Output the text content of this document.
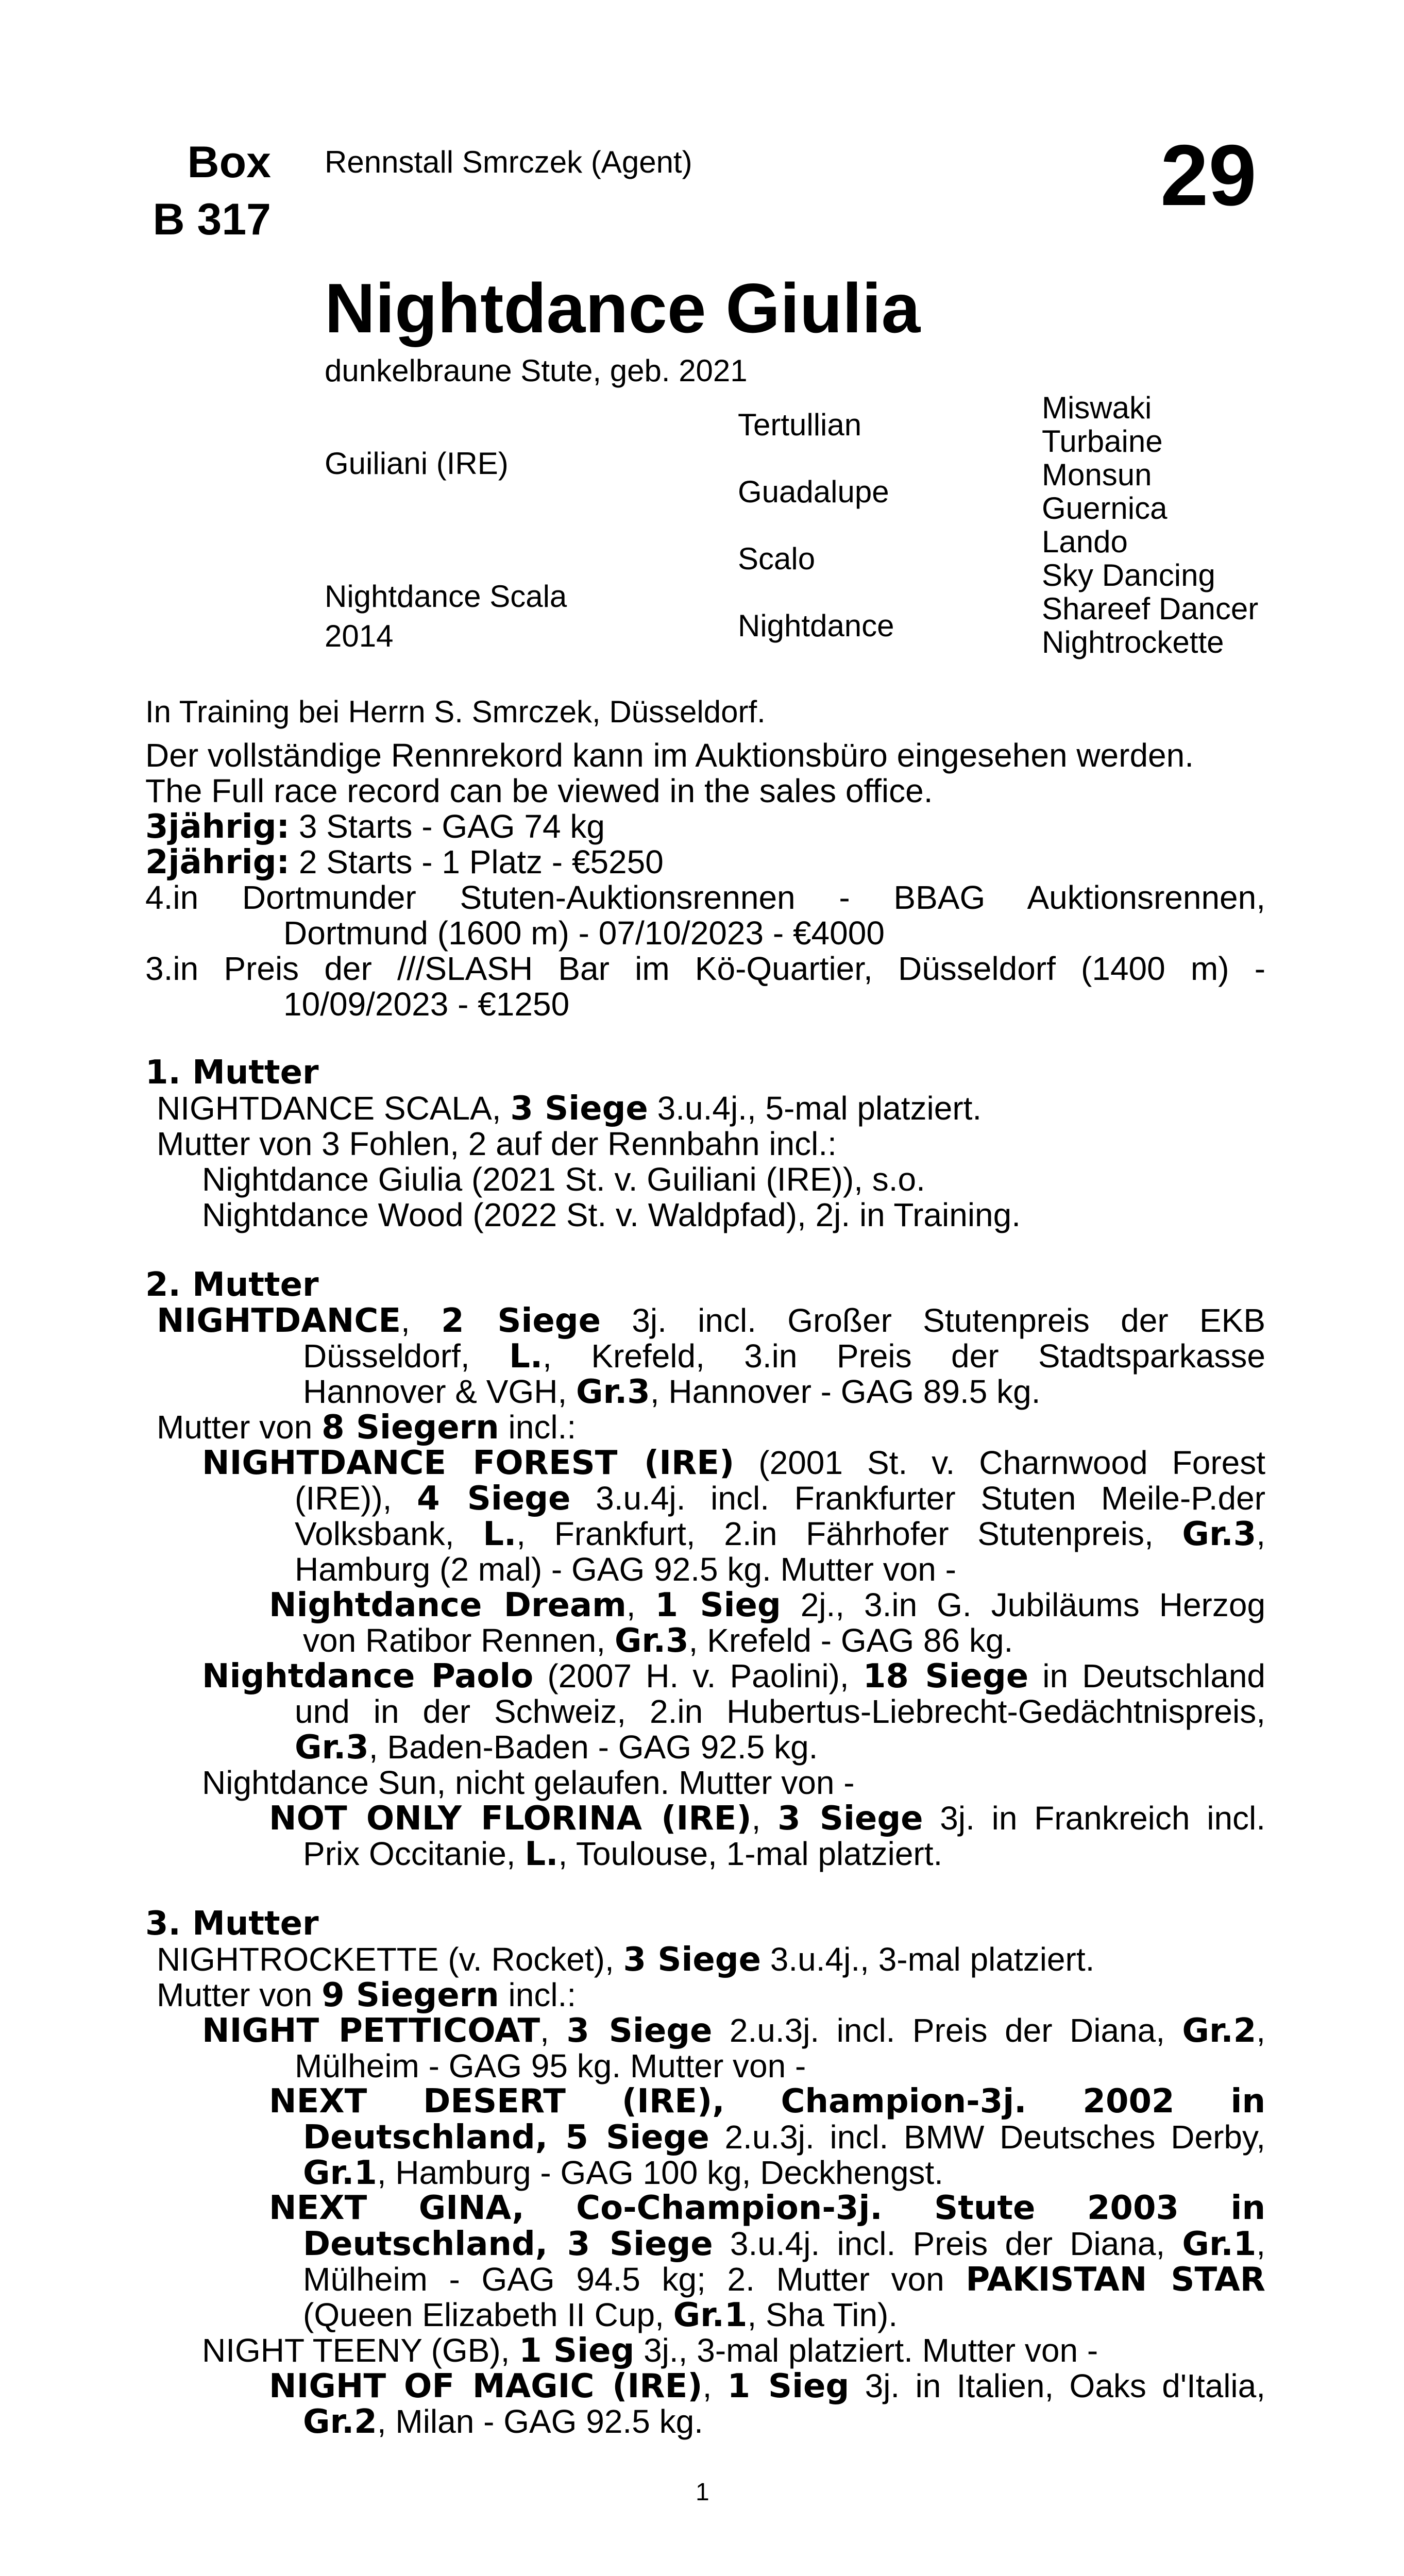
Box
B 317
Rennstall Smrczek (Agent)	29
Nightdance Giulia
dunkelbraune Stute, geb. 2021
Guiliani (IRE)
Nightdance Scala
2014
Tertullian
Guadalupe
Scalo
Nightdance
Miswaki
Turbaine
Monsun
Guernica
Lando
Sky Dancing
Shareef Dancer
Nightrockette
In Training bei Herrn S. Smrczek, Düsseldorf.
Der vollständige Rennrekord kann im Auktionsbüro eingesehen werden.
The Full race record can be viewed in the sales office.
3jährig: 3 Starts - GAG 74 kg
2jährig: 2 Starts - 1 Platz - €5250
4.in Dortmunder Stuten-Auktionsrennen - BBAG Auktionsrennen,
Dortmund (1600 m) - 07/10/2023 - €4000
3.in Preis der ///SLASH Bar im Kö-Quartier, Düsseldorf (1400 m) -
10/09/2023 - €1250
1. Mutter
NIGHTDANCE SCALA, 3 Siege 3.u.4j., 5-mal platziert.
Mutter von 3 Fohlen, 2 auf der Rennbahn incl.:
Nightdance Giulia (2021 St. v. Guiliani (IRE)), s.o.
Nightdance Wood (2022 St. v. Waldpfad), 2j. in Training.
2. Mutter
NIGHTDANCE, 2 Siege 3j. incl. Großer Stutenpreis der EKB
Düsseldorf, L., Krefeld, 3.in Preis der Stadtsparkasse
Hannover & VGH, Gr.3, Hannover - GAG 89.5 kg.
Mutter von 8 Siegern incl.:
NIGHTDANCE FOREST (IRE) (2001 St. v. Charnwood Forest
(IRE)), 4 Siege 3.u.4j. incl. Frankfurter Stuten Meile-P.der
Volksbank, L., Frankfurt, 2.in Fährhofer Stutenpreis, Gr.3,
Hamburg (2 mal) - GAG 92.5 kg. Mutter von -
Nightdance Dream, 1 Sieg 2j., 3.in G. Jubiläums Herzog
von Ratibor Rennen, Gr.3, Krefeld - GAG 86 kg.
Nightdance Paolo (2007 H. v. Paolini), 18 Siege in Deutschland
und in der Schweiz, 2.in Hubertus-Liebrecht-Gedächtnispreis,
Gr.3, Baden-Baden - GAG 92.5 kg.
Nightdance Sun, nicht gelaufen. Mutter von -
NOT ONLY FLORINA (IRE), 3 Siege 3j. in Frankreich incl.
Prix Occitanie, L., Toulouse, 1-mal platziert.
3. Mutter
NIGHTROCKETTE (v. Rocket), 3 Siege 3.u.4j., 3-mal platziert.
Mutter von 9 Siegern incl.:
NIGHT PETTICOAT, 3 Siege 2.u.3j. incl. Preis der Diana, Gr.2,
Mülheim - GAG 95 kg. Mutter von -
NEXT DESERT (IRE), Champion-3j. 2002 in
Deutschland, 5 Siege 2.u.3j. incl. BMW Deutsches Derby,
Gr.1, Hamburg - GAG 100 kg, Deckhengst.
NEXT GINA, Co-Champion-3j. Stute 2003 in
Deutschland, 3 Siege 3.u.4j. incl. Preis der Diana, Gr.1,
Mülheim - GAG 94.5 kg; 2. Mutter von PAKISTAN STAR
(Queen Elizabeth II Cup, Gr.1, Sha Tin).
NIGHT TEENY (GB), 1 Sieg 3j., 3-mal platziert. Mutter von -
NIGHT OF MAGIC (IRE), 1 Sieg 3j. in Italien, Oaks d'Italia,
Gr.2, Milan - GAG 92.5 kg.
1
